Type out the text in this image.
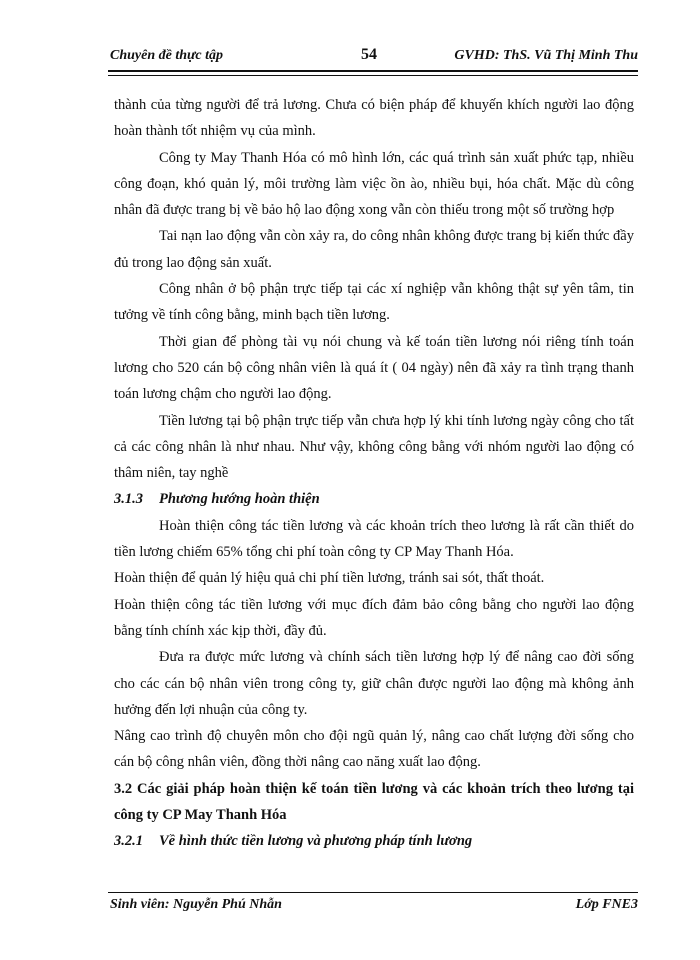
Chuyên đề thực tập	54	GVHD: ThS. Vũ Thị Minh Thu

thành của từng người để trả lương. Chưa có biện pháp để khuyến khích người lao động hoàn thành tốt nhiệm vụ của mình.

Công ty May Thanh Hóa có mô hình lớn, các quá trình sản xuất phức tạp, nhiều công đoạn, khó quản lý, môi trường làm việc ồn ào, nhiều bụi, hóa chất. Mặc dù công nhân đã được trang bị về bảo hộ lao động xong vẫn còn thiếu trong một số trường hợp

Tai nạn lao động vẫn còn xảy ra, do công nhân không được trang bị kiến thức đầy đủ trong lao động sản xuất.

Công nhân ở bộ phận trực tiếp tại các xí nghiệp vẫn không thật sự yên tâm, tin tưởng về tính công bằng, minh bạch tiền lương.

Thời gian để phòng tài vụ nói chung và kế toán tiền lương nói riêng tính toán lương cho 520 cán bộ công nhân viên là quá ít ( 04 ngày) nên đã xảy ra tình trạng thanh toán lương chậm cho người lao động.

Tiền lương tại bộ phận trực tiếp vẫn chưa hợp lý khi tính lương ngày công cho tất cả các công nhân là như nhau. Như vậy, không công bằng với nhóm người lao động có thâm niên, tay nghề

3.1.3 Phương hướng hoàn thiện

Hoàn thiện công tác tiền lương và các khoản trích theo lương là rất cần thiết do tiền lương chiếm 65% tổng chi phí toàn công ty CP May Thanh Hóa.

Hoàn thiện để quản lý hiệu quả chi phí tiền lương, tránh sai sót, thất thoát.

Hoàn thiện công tác tiền lương với mục đích đảm bảo công bằng cho người lao động bằng tính chính xác kịp thời, đầy đủ.

Đưa ra được mức lương và chính sách tiền lương hợp lý để nâng cao đời sống cho các cán bộ nhân viên trong công ty, giữ chân được người lao động mà không ảnh hưởng đến lợi nhuận của công ty.

Nâng cao trình độ chuyên môn cho đội ngũ quản lý, nâng cao chất lượng đời sống cho cán bộ công nhân viên, đồng thời nâng cao năng xuất lao động.

3.2 Các giải pháp hoàn thiện kế toán tiền lương và các khoản trích theo lương tại công ty CP May Thanh Hóa

3.2.1 Về hình thức tiền lương và phương pháp tính lương

Sinh viên: Nguyễn Phú Nhẫn	Lớp FNE3
